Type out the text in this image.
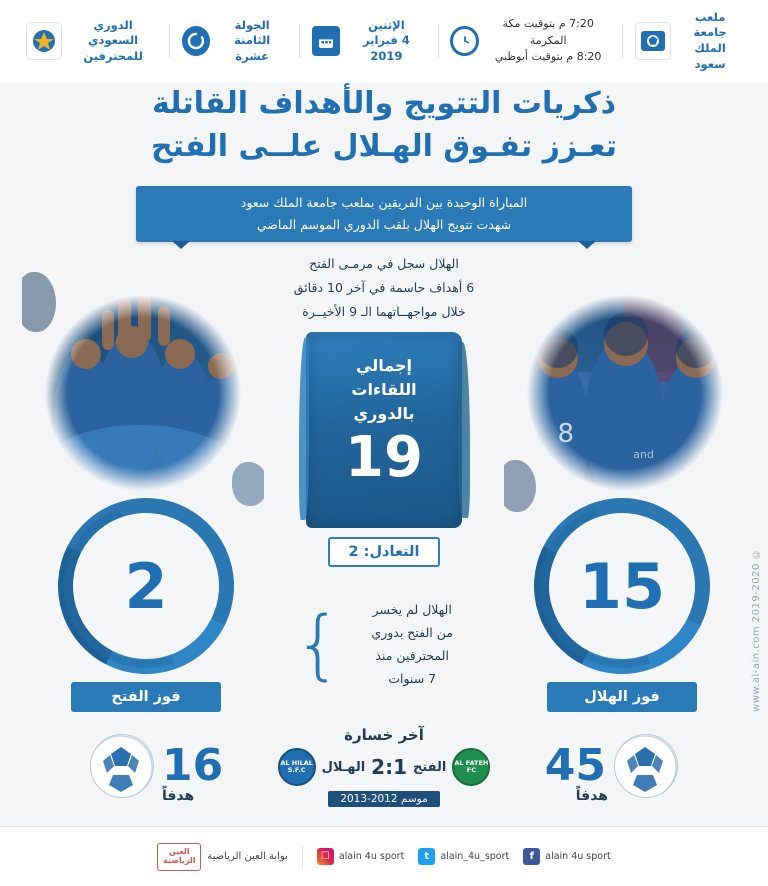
الدوري السعودي
للمحترفين
الجولة
الثامنة عشرة
الإثنين
4 فبراير 2019
7:20 م بتوقيت مكة المكرمة
8:20 م بتوقيت أبوظبي
ملعب جامعة
الملك سعود
ذكريات التتويج والأهداف القاتلة
تعـزز تفـوق الهـلال علــى الفتح
المباراة الوحيدة بين الفريقين بملعب جامعة الملك سعود
شهدت تتويج الهلال بلقب الدوري الموسم الماضي
الهلال سجل في مرمـى الفتح
6 أهداف حاسمة في آخر 10 دقائق
خلال مواجهــاتهما الـ 9 الأخيــرة
8
and
إجمالي
اللقاءات
بالدوري
19
التعادل: 2
2
فوز الفتح
15
فوز الهلال
}	الهلال لم يخسر
من الفتح بدوري
المحترفين منذ
7 سنوات
16
هدفاً
45
هدفاً
آخر خسارة
AL HILAL S.F.C	الهـلال 2:1 الفتح	AL FATEH FC
موسم 2012-2013
© 2019-2020 www.al-ain.com
العين الرياضية	بوابة العين الرياضية	☐ alain 4u sport	t	alain_4u_sport	f	alain 4u sport
